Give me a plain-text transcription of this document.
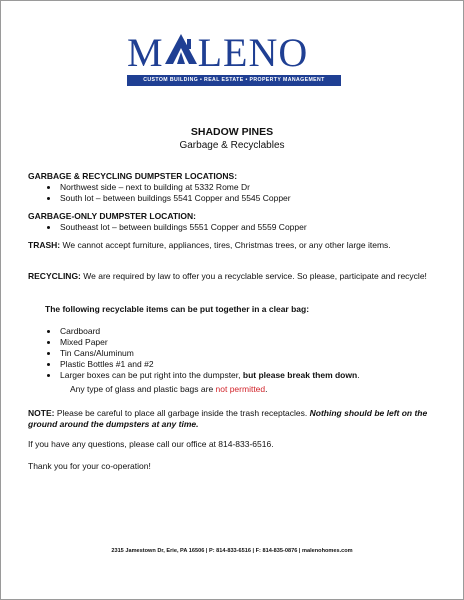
M LENO
CUSTOM BUILDING • REAL ESTATE • PROPERTY MANAGEMENT
SHADOW PINES
Garbage & Recyclables
GARBAGE & RECYCLING DUMPSTER LOCATIONS:
Northwest side – next to building at 5332 Rome Dr
South lot – between buildings 5541 Copper and 5545 Copper
GARBAGE-ONLY DUMPSTER LOCATION:
Southeast lot – between buildings 5551 Copper and 5559 Copper
TRASH: We cannot accept furniture, appliances, tires, Christmas trees, or any other large items.
RECYCLING: We are required by law to offer you a recyclable service. So please, participate and recycle!
The following recyclable items can be put together in a clear bag:
Cardboard
Mixed Paper
Tin Cans/Aluminum
Plastic Bottles #1 and #2
Larger boxes can be put right into the dumpster, but please break them down.
Any type of glass and plastic bags are not permitted.
NOTE: Please be careful to place all garbage inside the trash receptacles. Nothing should be left on the ground around the dumpsters at any time.
If you have any questions, please call our office at 814-833-6516.
Thank you for your co-operation!
2315 Jamestown Dr, Erie, PA 16506 | P: 814-833-6516 | F: 814-835-0876 | malenohomes.com
